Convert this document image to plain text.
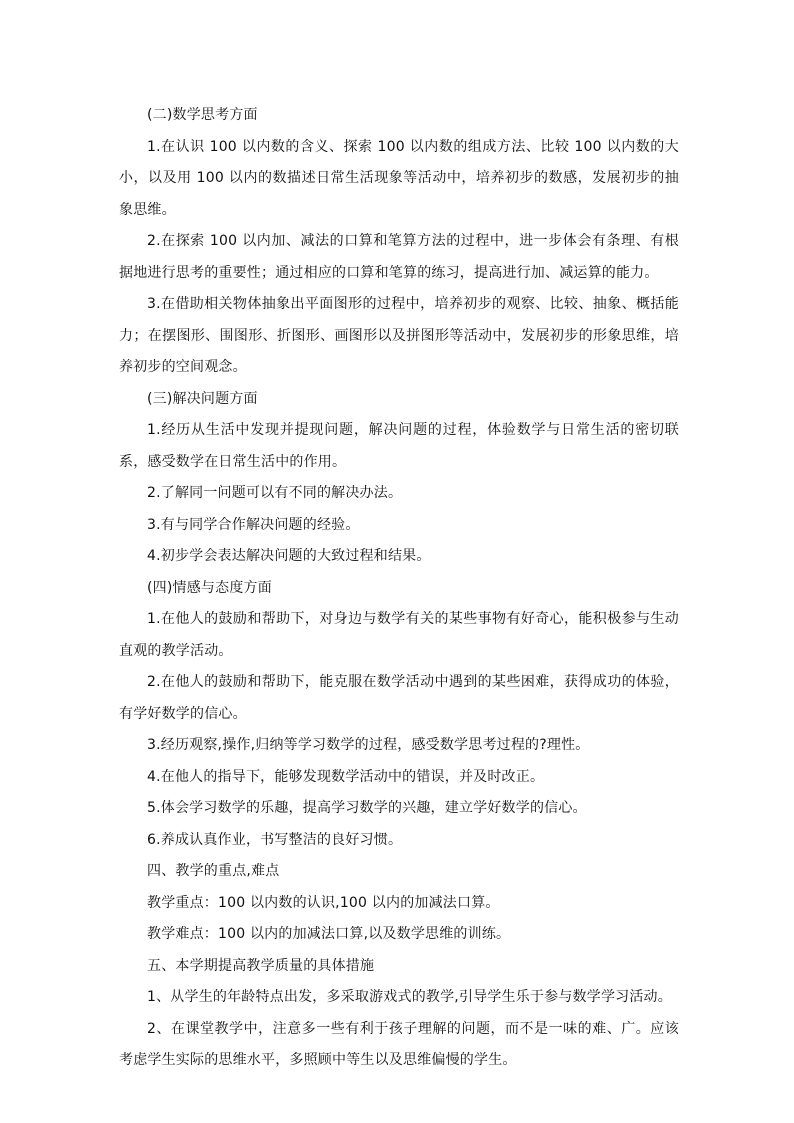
(二)数学思考方面

1.在认识 100 以内数的含义、探索 100 以内数的组成方法、比较 100 以内数的大小，以及用 100 以内的数描述日常生活现象等活动中，培养初步的数感，发展初步的抽象思维。

2.在探索 100 以内加、减法的口算和笔算方法的过程中，进一步体会有条理、有根据地进行思考的重要性；通过相应的口算和笔算的练习，提高进行加、减运算的能力。

3.在借助相关物体抽象出平面图形的过程中，培养初步的观察、比较、抽象、概括能力；在摆图形、围图形、折图形、画图形以及拼图形等活动中，发展初步的形象思维，培养初步的空间观念。

(三)解决问题方面

1.经历从生活中发现并提现问题，解决问题的过程，体验数学与日常生活的密切联系，感受数学在日常生活中的作用。

2.了解同一问题可以有不同的解决办法。

3.有与同学合作解决问题的经验。

4.初步学会表达解决问题的大致过程和结果。

(四)情感与态度方面

1.在他人的鼓励和帮助下，对身边与数学有关的某些事物有好奇心，能积极参与生动直观的教学活动。

2.在他人的鼓励和帮助下，能克服在数学活动中遇到的某些困难，获得成功的体验，有学好数学的信心。

3.经历观察,操作,归纳等学习数学的过程，感受数学思考过程的?理性。

4.在他人的指导下，能够发现数学活动中的错误，并及时改正。

5.体会学习数学的乐趣，提高学习数学的兴趣，建立学好数学的信心。

6.养成认真作业，书写整洁的良好习惯。

四、教学的重点,难点

教学重点：100 以内数的认识,100 以内的加减法口算。

教学难点：100 以内的加减法口算,以及数学思维的训练。

五、本学期提高教学质量的具体措施

1、从学生的年龄特点出发，多采取游戏式的教学,引导学生乐于参与数学学习活动。

2、在课堂教学中，注意多一些有利于孩子理解的问题，而不是一味的难、广。应该考虑学生实际的思维水平，多照顾中等生以及思维偏慢的学生。
